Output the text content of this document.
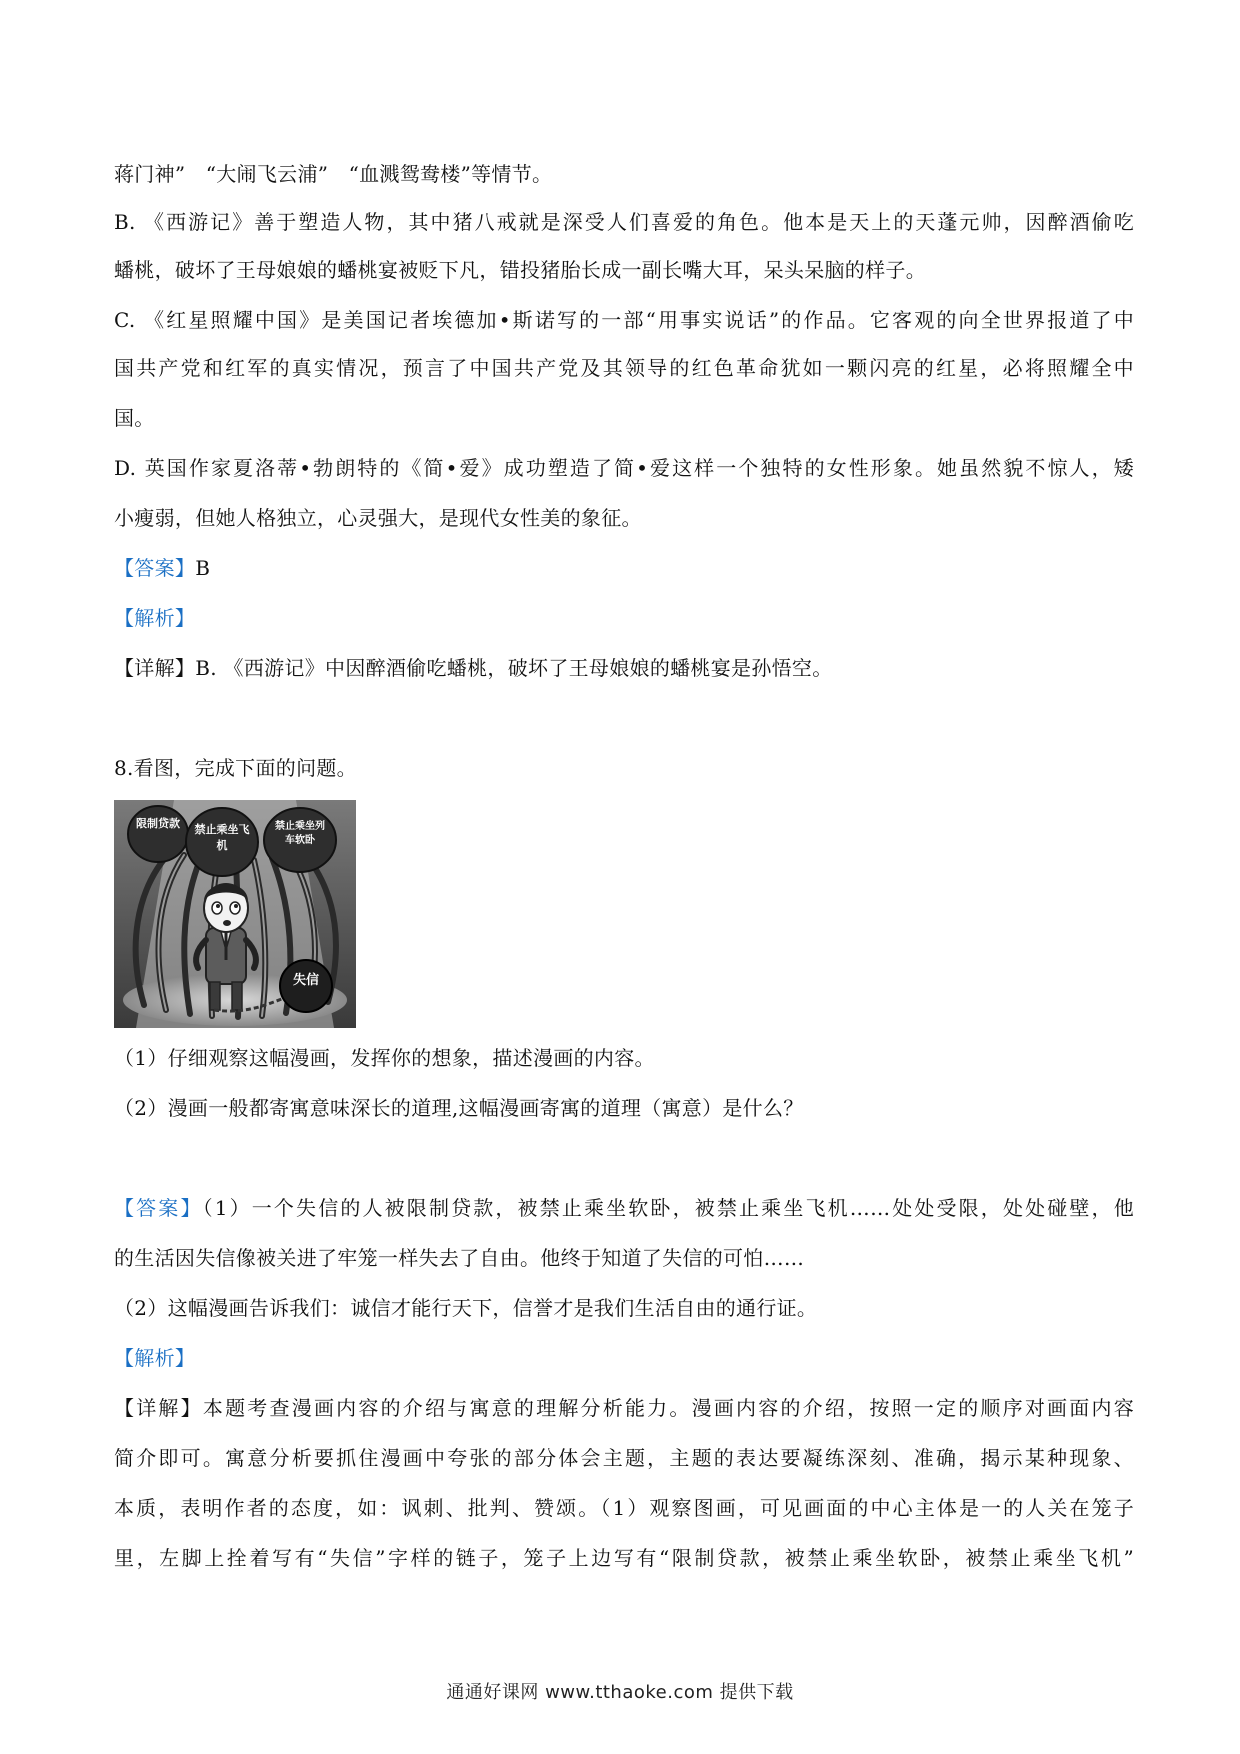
蒋门神”　“大闹飞云浦”　“血溅鸳鸯楼”等情节。
B. 《西游记》善于塑造人物，其中猪八戒就是深受人们喜爱的角色。他本是天上的天蓬元帅，因醉酒偷吃
蟠桃，破坏了王母娘娘的蟠桃宴被贬下凡，错投猪胎长成一副长嘴大耳，呆头呆脑的样子。
C. 《红星照耀中国》是美国记者埃德加•斯诺写的一部“用事实说话”的作品。它客观的向全世界报道了中
国共产党和红军的真实情况，预言了中国共产党及其领导的红色革命犹如一颗闪亮的红星，必将照耀全中
国。
D. 英国作家夏洛蒂•勃朗特的《简•爱》成功塑造了简•爱这样一个独特的女性形象。她虽然貌不惊人，矮
小瘦弱，但她人格独立，心灵强大，是现代女性美的象征。
【答案】B
【解析】
【详解】B. 《西游记》中因醉酒偷吃蟠桃，破坏了王母娘娘的蟠桃宴是孙悟空。
8.看图，完成下面的问题。
失信
限制贷款 禁止乘坐飞机
禁止乘坐列车软卧
（1）仔细观察这幅漫画，发挥你的想象，描述漫画的内容。
（2）漫画一般都寄寓意味深长的道理,这幅漫画寄寓的道理（寓意）是什么？
【答案】（1）一个失信的人被限制贷款，被禁止乘坐软卧，被禁止乘坐飞机……处处受限，处处碰壁，他
的生活因失信像被关进了牢笼一样失去了自由。他终于知道了失信的可怕……
（2）这幅漫画告诉我们：诚信才能行天下，信誉才是我们生活自由的通行证。
【解析】
【详解】本题考查漫画内容的介绍与寓意的理解分析能力。漫画内容的介绍，按照一定的顺序对画面内容
简介即可。寓意分析要抓住漫画中夸张的部分体会主题，主题的表达要凝练深刻、准确，揭示某种现象、
本质，表明作者的态度，如：讽刺、批判、赞颂。（1）观察图画，可见画面的中心主体是一的人关在笼子
里，左脚上拴着写有“失信”字样的链子，笼子上边写有“限制贷款，被禁止乘坐软卧，被禁止乘坐飞机”
通通好课网 www.tthaoke.com 提供下载
